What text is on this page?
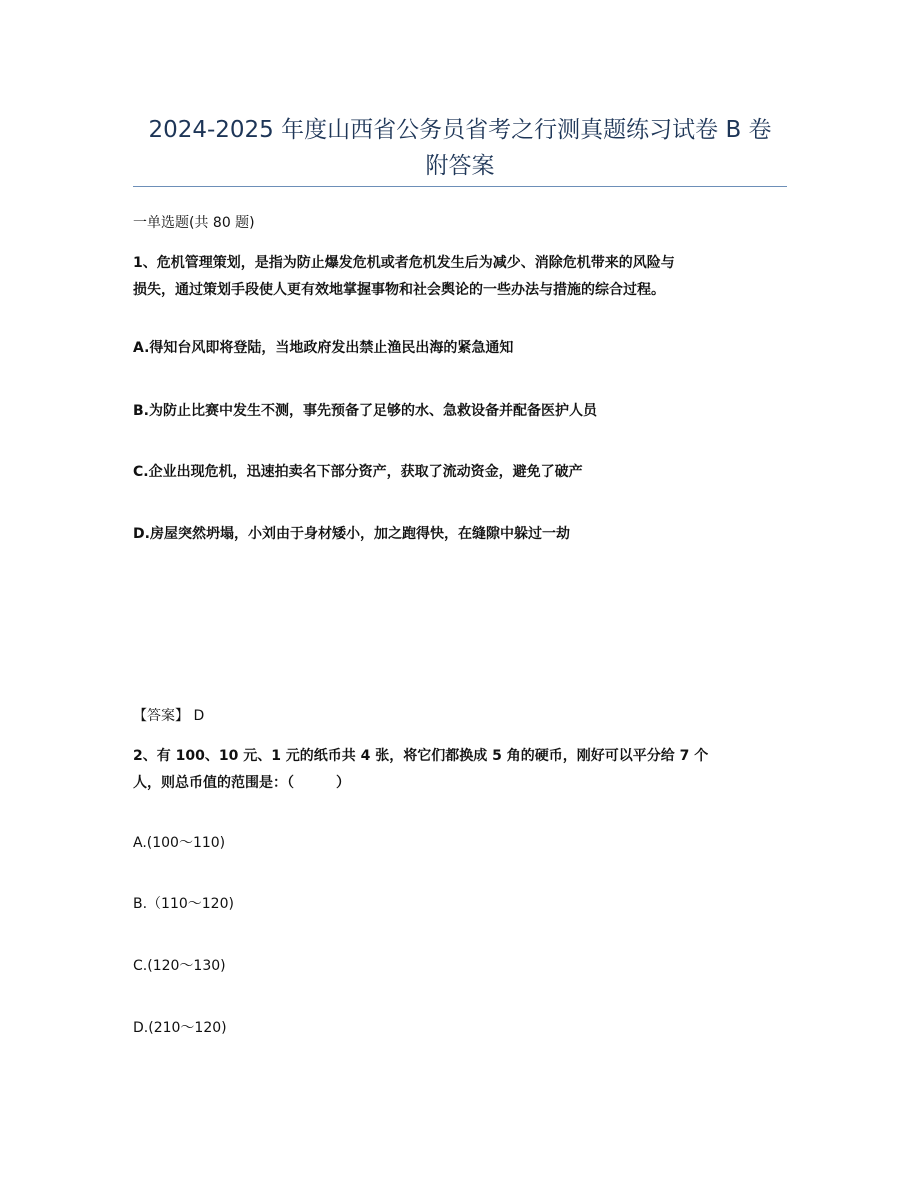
2024-2025 年度山西省公务员省考之行测真题练习试卷 B 卷
附答案
一单选题(共 80 题)
1、危机管理策划，是指为防止爆发危机或者危机发生后为减少、消除危机带来的风险与
损失，通过策划手段使人更有效地掌握事物和社会舆论的一些办法与措施的综合过程。
A.得知台风即将登陆，当地政府发出禁止渔民出海的紧急通知
B.为防止比赛中发生不测，事先预备了足够的水、急救设备并配备医护人员
C.企业出现危机，迅速拍卖名下部分资产，获取了流动资金，避免了破产
D.房屋突然坍塌，小刘由于身材矮小，加之跑得快，在缝隙中躲过一劫
【答案】 D
2、有 100、10 元、1 元的纸币共 4 张，将它们都换成 5 角的硬币，刚好可以平分给 7 个
人，则总币值的范围是：（　　　）
A.(100～110)
B.（110～120)
C.(120～130)
D.(210～120)
